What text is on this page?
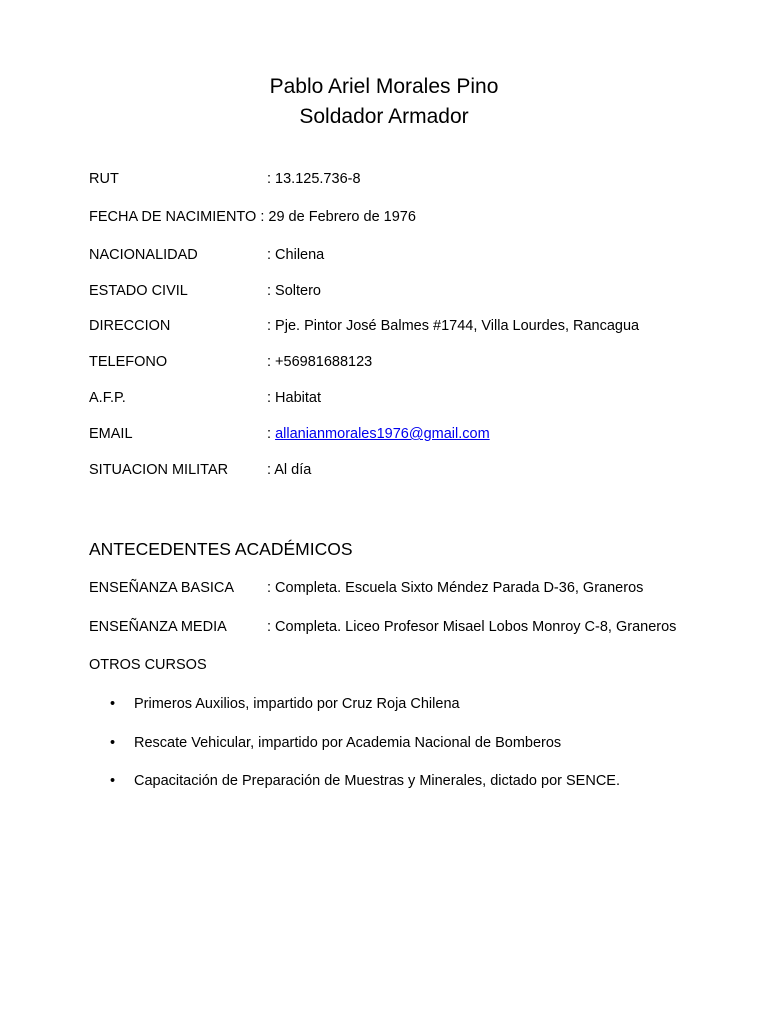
Pablo Ariel Morales Pino
Soldador Armador
RUT	: 13.125.736-8
FECHA DE NACIMIENTO : 29 de Febrero de 1976
NACIONALIDAD	: Chilena
ESTADO CIVIL	: Soltero
DIRECCION	: Pje. Pintor José Balmes #1744, Villa Lourdes, Rancagua
TELEFONO	: +56981688123
A.F.P.	: Habitat
EMAIL	: allanianmorales1976@gmail.com
SITUACION MILITAR	: Al día
ANTECEDENTES ACADÉMICOS
ENSEÑANZA BASICA : Completa. Escuela Sixto Méndez Parada D-36, Graneros
ENSEÑANZA MEDIA	: Completa. Liceo Profesor Misael Lobos Monroy C-8, Graneros
OTROS CURSOS
• Primeros Auxilios, impartido por Cruz Roja Chilena
• Rescate Vehicular, impartido por Academia Nacional de Bomberos
• Capacitación de Preparación de Muestras y Minerales, dictado por SENCE.
